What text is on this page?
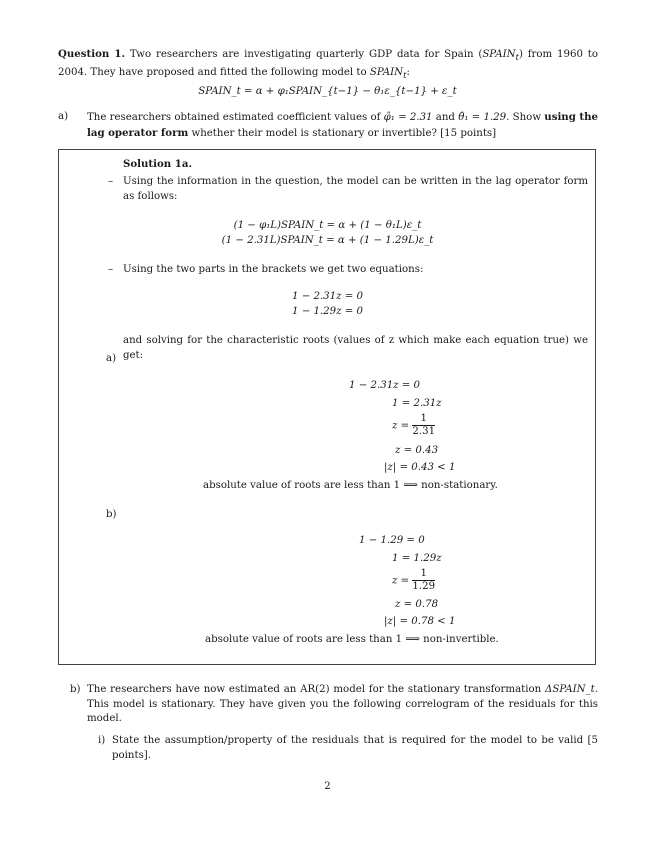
Question 1. Two researchers are investigating quarterly GDP data for Spain $(SPAIN_t)$ from 1960 to 2004. They have proposed and fitted the following model to $SPAIN_t$:
SPAIN_t = α + φ₁SPAIN_{t−1} − θ₁ε_{t−1} + ε_t
a) The researchers obtained estimated coefficient values of φ̂₁ = 2.31 and θ̂₁ = 1.29. Show using the lag operator form whether their model is stationary or invertible? [15 points]
Solution 1a.
– Using the information in the question, the model can be written in the lag operator form as follows:
(1 − φ₁L)SPAIN_t = α + (1 − θ₁L)ε_t
(1 − 2.31L)SPAIN_t = α + (1 − 1.29L)ε_t
– Using the two parts in the brackets we get two equations:
1 − 2.31z = 0
1 − 1.29z = 0
and solving for the characteristic roots (values of z which make each equation true) we get:
a)
1 − 2.31z = 0
1 = 2.31z
$z = \frac{1}{2.31}$
z = 0.43
|z| = 0.43 < 1
absolute value of roots are less than 1 ⟹ non-stationary.
b)
1 − 1.29 = 0
1 = 1.29z
$z = \frac{1}{1.29}$
z = 0.78
|z| = 0.78 < 1
absolute value of roots are less than 1 ⟹ non-invertible.
b) The researchers have now estimated an AR(2) model for the stationary transformation ΔSPAIN_t. This model is stationary. They have given you the following correlogram of the residuals for this model.
i) State the assumption/property of the residuals that is required for the model to be valid [5 points].
2
